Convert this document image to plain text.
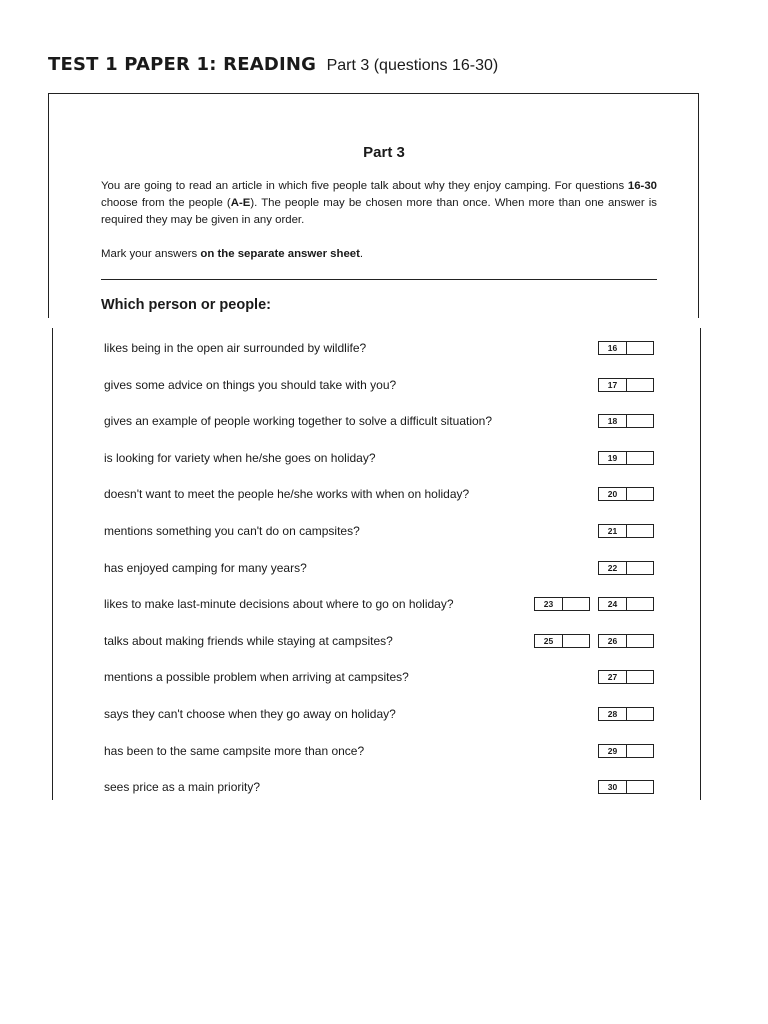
TEST 1 PAPER 1: READING Part 3 (questions 16-30)
Part 3
You are going to read an article in which five people talk about why they enjoy camping. For questions 16-30 choose from the people (A-E). The people may be chosen more than once. When more than one answer is required they may be given in any order.
Mark your answers on the separate answer sheet.
Which person or people:
likes being in the open air surrounded by wildlife?	16
gives some advice on things you should take with you?	17
gives an example of people working together to solve a difficult situation?	18
is looking for variety when he/she goes on holiday?	19
doesn't want to meet the people he/she works with when on holiday?	20
mentions something you can't do on campsites?	21
has enjoyed camping for many years?	22
likes to make last-minute decisions about where to go on holiday?	23	24
talks about making friends while staying at campsites?	25	26
mentions a possible problem when arriving at campsites?	27
says they can't choose when they go away on holiday?	28
has been to the same campsite more than once?	29
sees price as a main priority?	30
